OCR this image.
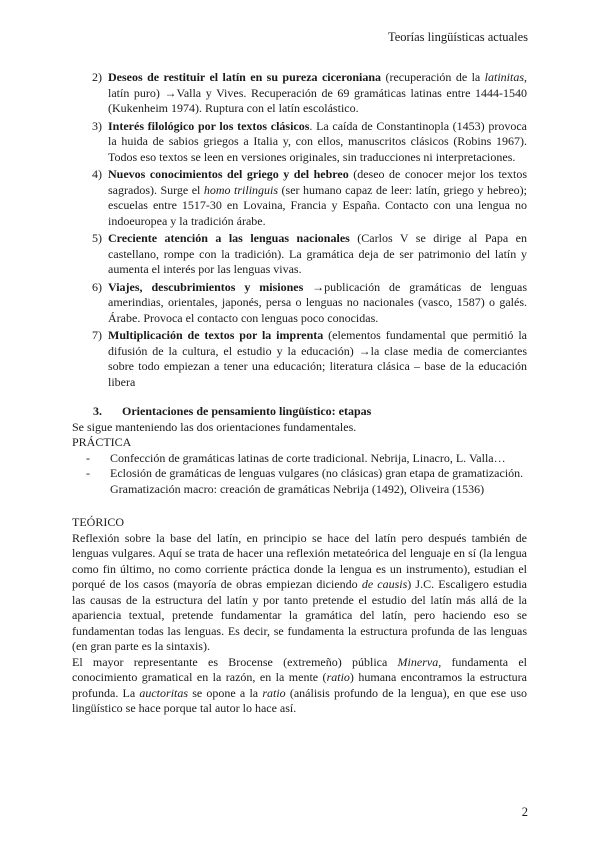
Teorías lingüísticas actuales
2) Deseos de restituir el latín en su pureza ciceroniana (recuperación de la latinitas, latín puro) →Valla y Vives. Recuperación de 69 gramáticas latinas entre 1444-1540 (Kukenheim 1974). Ruptura con el latín escolástico.
3) Interés filológico por los textos clásicos. La caída de Constantinopla (1453) provoca la huida de sabios griegos a Italia y, con ellos, manuscritos clásicos (Robins 1967). Todos eso textos se leen en versiones originales, sin traducciones ni interpretaciones.
4) Nuevos conocimientos del griego y del hebreo (deseo de conocer mejor los textos sagrados). Surge el homo trilinguis (ser humano capaz de leer: latín, griego y hebreo); escuelas entre 1517-30 en Lovaina, Francia y España. Contacto con una lengua no indoeuropea y la tradición árabe.
5) Creciente atención a las lenguas nacionales (Carlos V se dirige al Papa en castellano, rompe con la tradición). La gramática deja de ser patrimonio del latín y aumenta el interés por las lenguas vivas.
6) Viajes, descubrimientos y misiones →publicación de gramáticas de lenguas amerindias, orientales, japonés, persa o lenguas no nacionales (vasco, 1587) o galés. Árabe. Provoca el contacto con lenguas poco conocidas.
7) Multiplicación de textos por la imprenta (elementos fundamental que permitió la difusión de la cultura, el estudio y la educación) →la clase media de comerciantes sobre todo empiezan a tener una educación; literatura clásica – base de la educación libera
3. Orientaciones de pensamiento lingüístico: etapas
Se sigue manteniendo las dos orientaciones fundamentales.
PRÁCTICA
-	Confección de gramáticas latinas de corte tradicional. Nebrija, Linacro, L. Valla…
-	Eclosión de gramáticas de lenguas vulgares (no clásicas) gran etapa de gramatización. Gramatización macro: creación de gramáticas Nebrija (1492), Oliveira (1536)
TEÓRICO

Reflexión sobre la base del latín, en principio se hace del latín pero después también de lenguas vulgares. Aquí se trata de hacer una reflexión metateórica del lenguaje en sí (la lengua como fin último, no como corriente práctica donde la lengua es un instrumento), estudian el porqué de los casos (mayoría de obras empiezan diciendo de causis) J.C. Escaligero estudia las causas de la estructura del latín y por tanto pretende el estudio del latín más allá de la apariencia textual, pretende fundamentar la gramática del latín, pero haciendo eso se fundamentan todas las lenguas. Es decir, se fundamenta la estructura profunda de las lenguas (en gran parte es la sintaxis).

El mayor representante es Brocense (extremeño) pública Minerva, fundamenta el conocimiento gramatical en la razón, en la mente (ratio) humana encontramos la estructura profunda. La auctoritas se opone a la ratio (análisis profundo de la lengua), en que ese uso lingüístico se hace porque tal autor lo hace así.

2
